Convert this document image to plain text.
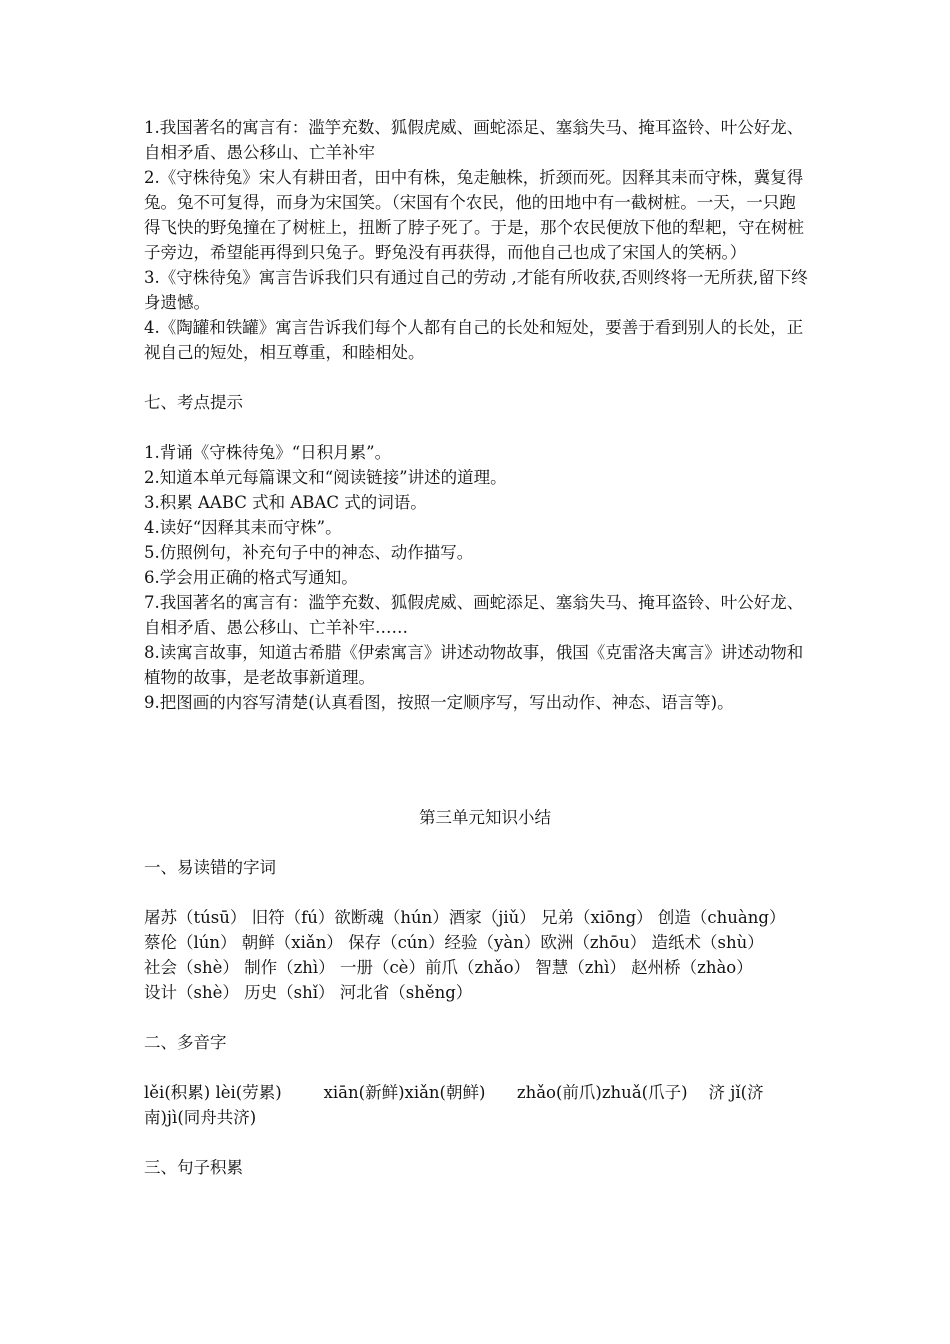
1.我国著名的寓言有：滥竽充数、狐假虎威、画蛇添足、塞翁失马、掩耳盗铃、叶公好龙、自相矛盾、愚公移山、亡羊补牢

2.《守株待兔》宋人有耕田者，田中有株，兔走触株，折颈而死。因释其耒而守株，冀复得兔。兔不可复得，而身为宋国笑。（宋国有个农民，他的田地中有一截树桩。一天，一只跑得飞快的野兔撞在了树桩上，扭断了脖子死了。于是，那个农民便放下他的犁耙，守在树桩子旁边，希望能再得到只兔子。野兔没有再获得，而他自己也成了宋国人的笑柄。）

3.《守株待兔》寓言告诉我们只有通过自己的劳动 ,才能有所收获,否则终将一无所获,留下终身遗憾。

4.《陶罐和铁罐》寓言告诉我们每个人都有自己的长处和短处，要善于看到别人的长处，正视自己的短处，相互尊重，和睦相处。

七、考点提示

1.背诵《守株待兔》“日积月累”。

2.知道本单元每篇课文和“阅读链接”讲述的道理。

3.积累 AABC 式和 ABAC 式的词语。

4.读好“因释其耒而守株”。

5.仿照例句，补充句子中的神态、动作描写。

6.学会用正确的格式写通知。

7.我国著名的寓言有：滥竽充数、狐假虎威、画蛇添足、塞翁失马、掩耳盗铃、叶公好龙、自相矛盾、愚公移山、亡羊补牢……

8.读寓言故事，知道古希腊《伊索寓言》讲述动物故事，俄国《克雷洛夫寓言》讲述动物和植物的故事，是老故事新道理。

9.把图画的内容写清楚(认真看图，按照一定顺序写，写出动作、神态、语言等)。

第三单元知识小结

一、易读错的字词

屠苏（túsū） 旧符（fú）欲断魂（hún）酒家（jiǔ） 兄弟（xiōng） 创造（chuàng）

蔡伦（lún） 朝鲜（xiǎn） 保存（cún）经验（yàn）欧洲（zhōu） 造纸术（shù）

社会（shè） 制作（zhì） 一册（cè）前爪（zhǎo） 智慧（zhì） 赵州桥（zhào）

设计（shè） 历史（shǐ） 河北省（shěng）

二、多音字

lěi(积累) lèi(劳累)        xiān(新鲜)xiǎn(朝鲜)      zhǎo(前爪)zhuǎ(爪子)    济 jǐ(济

南)jì(同舟共济)

三、句子积累
